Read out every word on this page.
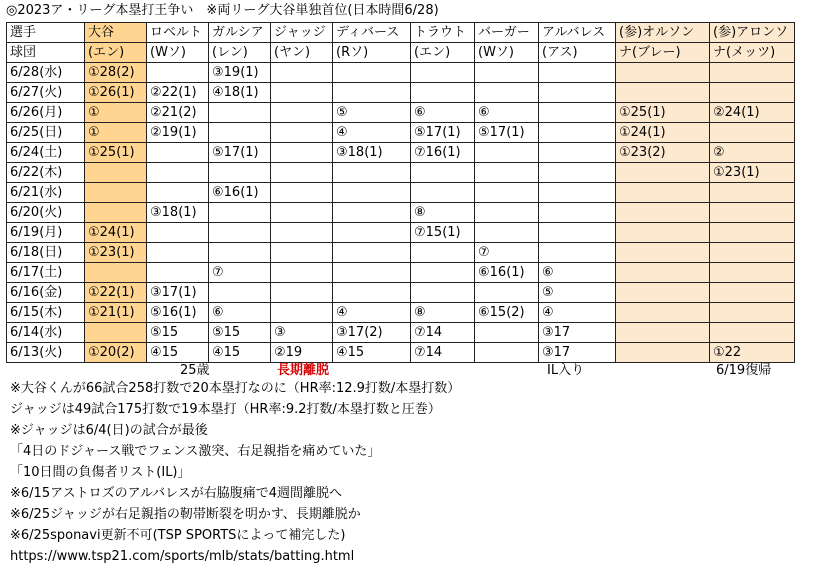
◎2023ア・リーグ本塁打王争い　※両リーグ大谷単独首位(日本時間6/28)
選手	大谷	ロベルト	ガルシア	ジャッジ	ディバース	トラウト	バーガー	アルバレス	(参)オルソン	(参)アロンソ
球団	(エン)	(Wソ)	(レン)	(ヤン)	(Rソ)	(エン)	(Wソ)	(アス)	ナ(ブレー)	ナ(メッツ)
6/28(水)	①28(2)		③19(1)							
6/27(火)	①26(1)	②22(1)	④18(1)							
6/26(月)	①	②21(2)			⑤	⑥	⑥		①25(1)	②24(1)
6/25(日)	①	②19(1)			④	⑤17(1)	⑤17(1)		①24(1)	
6/24(土)	①25(1)		⑤17(1)		③18(1)	⑦16(1)			①23(2)	②
6/22(木)										①23(1)
6/21(水)			⑥16(1)							
6/20(火)		③18(1)				⑧				
6/19(月)	①24(1)					⑦15(1)				
6/18(日)	①23(1)						⑦			
6/17(土)			⑦				⑥16(1)	⑥		
6/16(金)	①22(1)	③17(1)						⑤		
6/15(木)	①21(1)	⑤16(1)	⑥		④	⑧	⑥15(2)	④		
6/14(水)		⑤15	⑤15	③	③17(2)	⑦14		③17		
6/13(火)	①20(2)	④15	④15	②19	④15	⑦14		③17		①22
25歳	長期離脱	IL入り	6/19復帰
※大谷くんが66試合258打数で20本塁打なのに（HR率:12.9打数/本塁打数）
ジャッジは49試合175打数で19本塁打（HR率:9.2打数/本塁打数と圧巻）
※ジャッジは6/4(日)の試合が最後
「4日のドジャース戦でフェンス激突、右足親指を痛めていた」
「10日間の負傷者リスト(IL)」
※6/15アストロズのアルバレスが右脇腹痛で4週間離脱へ
※6/25ジャッジが右足親指の靭帯断裂を明かす、長期離脱か
※6/25sponavi更新不可(TSP SPORTSによって補完した)
https://www.tsp21.com/sports/mlb/stats/batting.html
